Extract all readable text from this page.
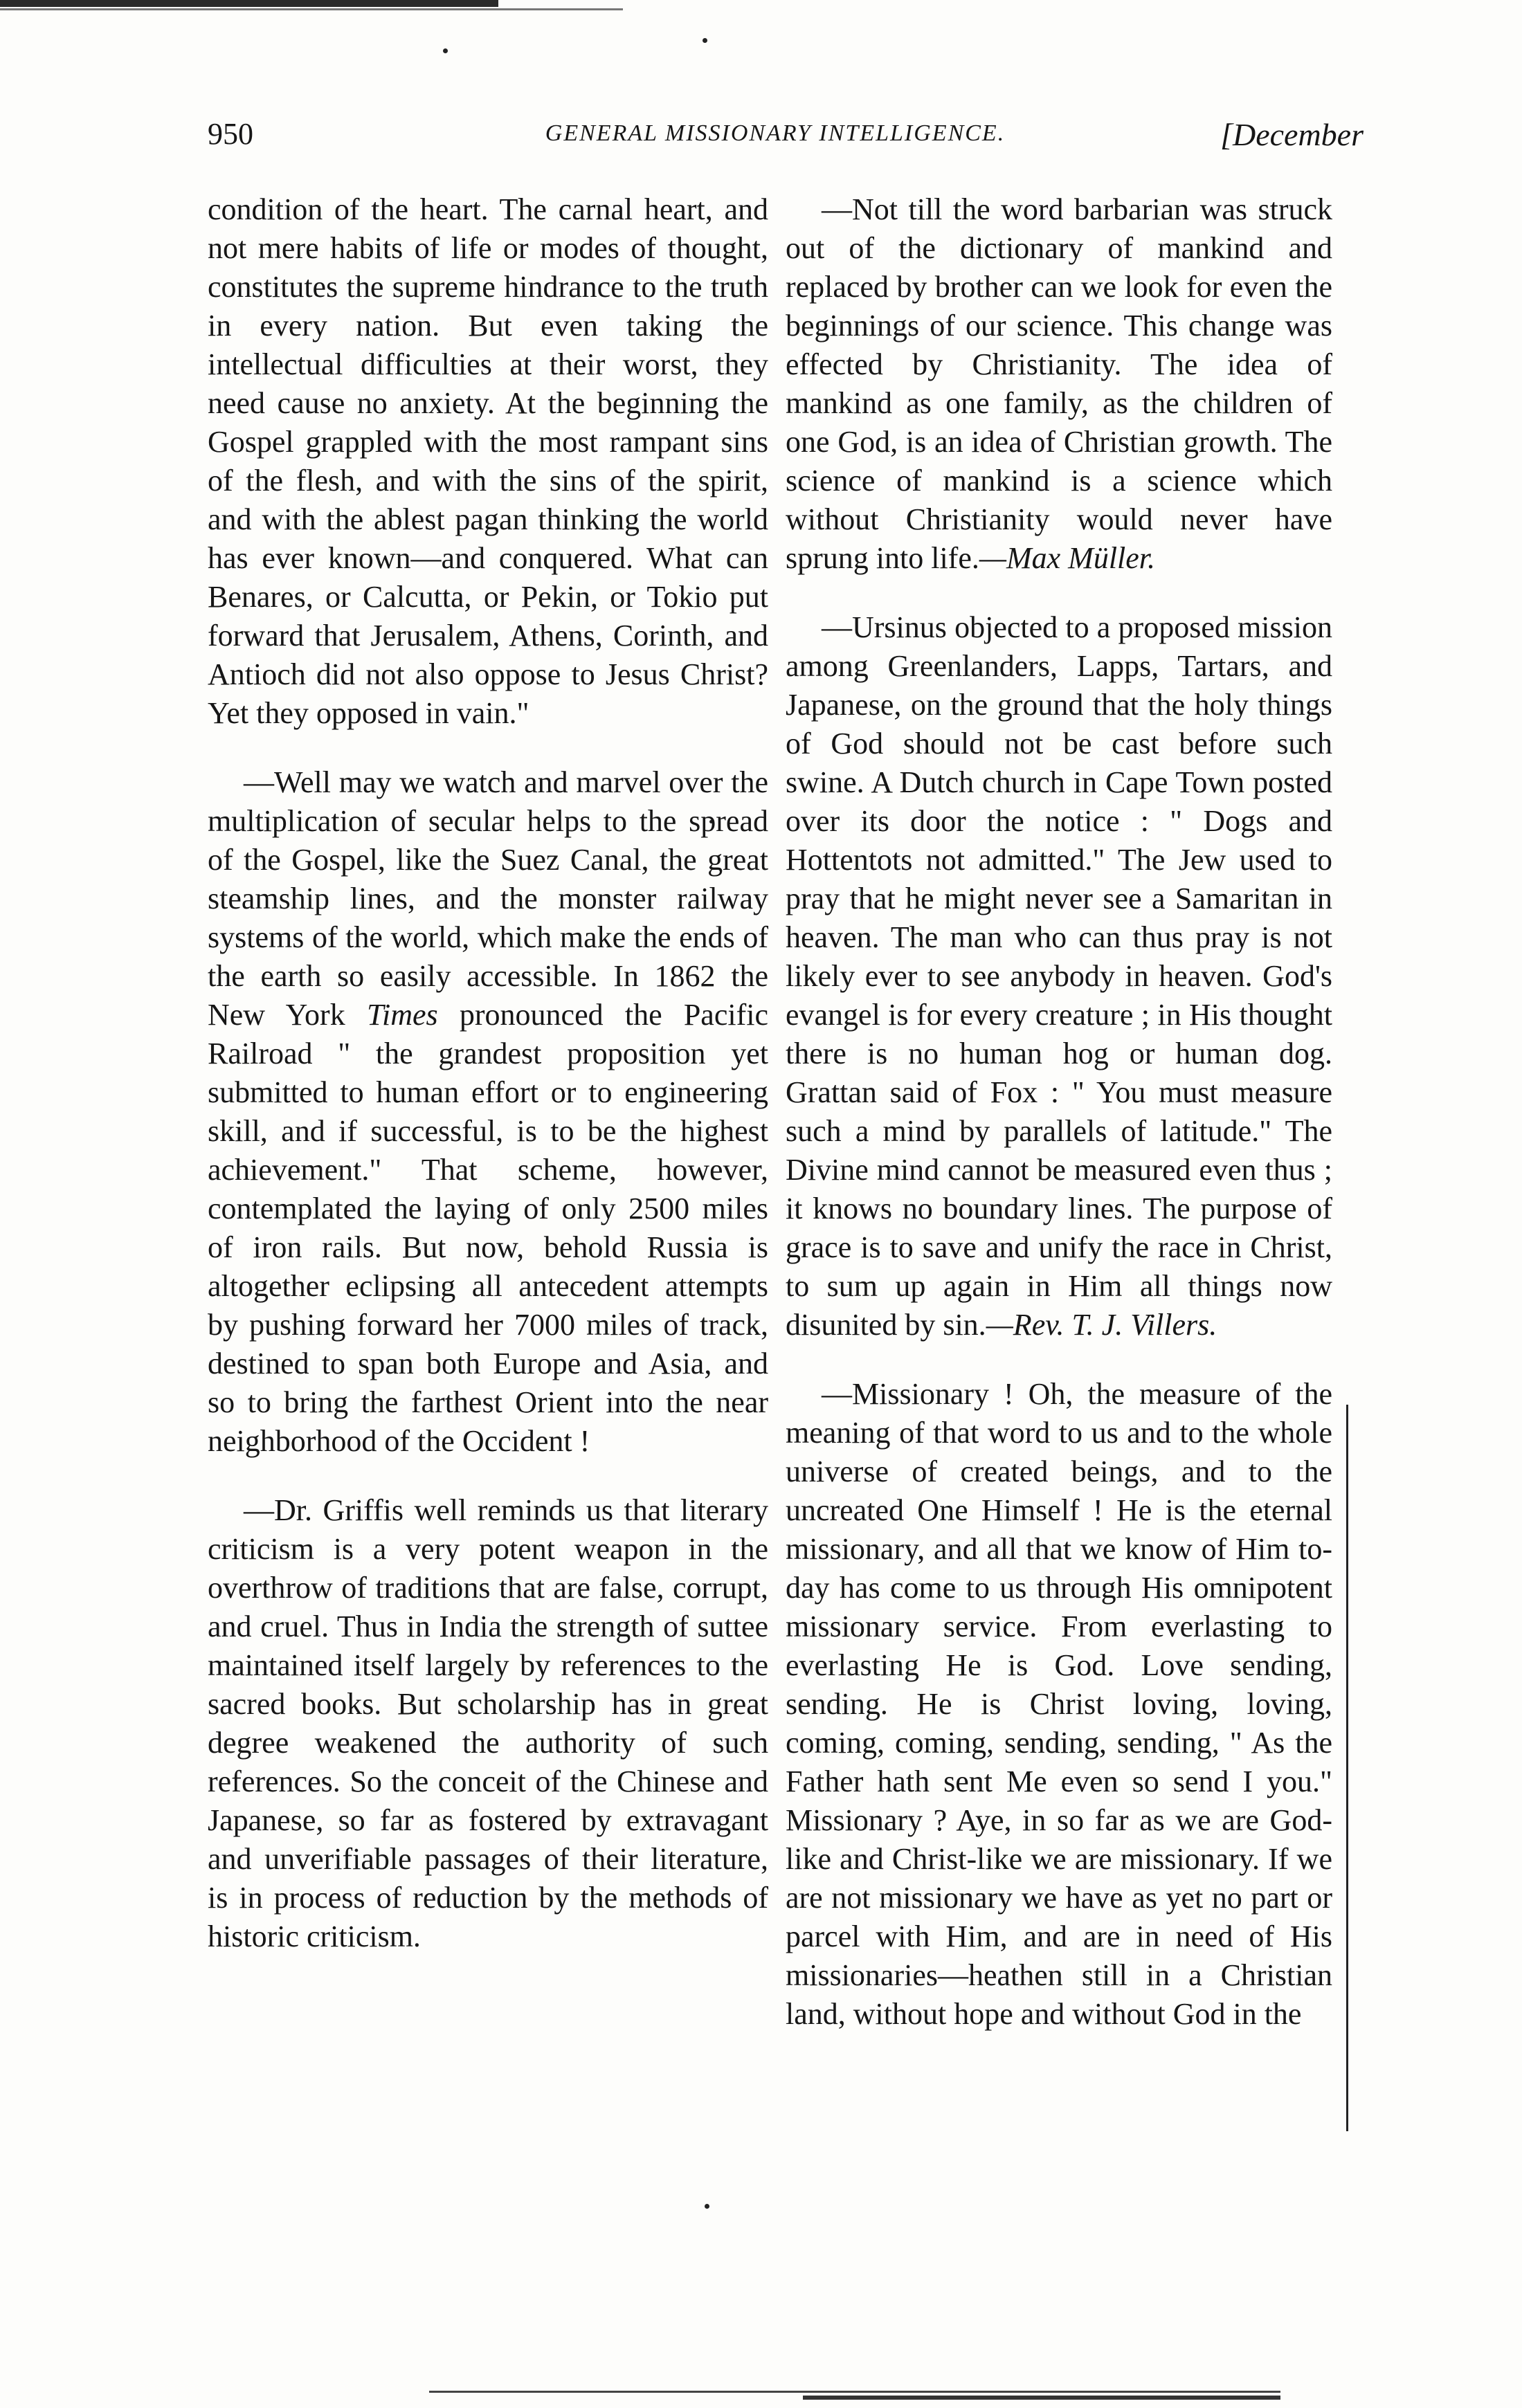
950	GENERAL MISSIONARY INTELLIGENCE.	[December

condition of the heart. The carnal heart, and not mere habits of life or modes of thought, constitutes the supreme hindrance to the truth in every nation. But even taking the intellectual difficulties at their worst, they need cause no anxiety. At the beginning the Gospel grappled with the most rampant sins of the flesh, and with the sins of the spirit, and with the ablest pagan thinking the world has ever known—and conquered. What can Benares, or Calcutta, or Pekin, or Tokio put forward that Jerusalem, Athens, Corinth, and Antioch did not also oppose to Jesus Christ? Yet they opposed in vain."

—Well may we watch and marvel over the multiplication of secular helps to the spread of the Gospel, like the Suez Canal, the great steamship lines, and the monster railway systems of the world, which make the ends of the earth so easily accessible. In 1862 the New York Times pronounced the Pacific Railroad " the grandest proposition yet submitted to human effort or to engineering skill, and if successful, is to be the highest achievement." That scheme, however, contemplated the laying of only 2500 miles of iron rails. But now, behold Russia is altogether eclipsing all antecedent attempts by pushing forward her 7000 miles of track, destined to span both Europe and Asia, and so to bring the farthest Orient into the near neighborhood of the Occident !

—Dr. Griffis well reminds us that literary criticism is a very potent weapon in the overthrow of traditions that are false, corrupt, and cruel. Thus in India the strength of suttee maintained itself largely by references to the sacred books. But scholarship has in great degree weakened the authority of such references. So the conceit of the Chinese and Japanese, so far as fostered by extravagant and unverifiable passages of their literature, is in process of reduction by the methods of historic criticism.

—Not till the word barbarian was struck out of the dictionary of mankind and replaced by brother can we look for even the beginnings of our science. This change was effected by Christianity. The idea of mankind as one family, as the children of one God, is an idea of Christian growth. The science of mankind is a science which without Christianity would never have sprung into life.—Max Müller.

—Ursinus objected to a proposed mission among Greenlanders, Lapps, Tartars, and Japanese, on the ground that the holy things of God should not be cast before such swine. A Dutch church in Cape Town posted over its door the notice : " Dogs and Hottentots not admitted." The Jew used to pray that he might never see a Samaritan in heaven. The man who can thus pray is not likely ever to see anybody in heaven. God's evangel is for every creature ; in His thought there is no human hog or human dog. Grattan said of Fox : " You must measure such a mind by parallels of latitude." The Divine mind cannot be measured even thus ; it knows no boundary lines. The purpose of grace is to save and unify the race in Christ, to sum up again in Him all things now disunited by sin.—Rev. T. J. Villers.

—Missionary ! Oh, the measure of the meaning of that word to us and to the whole universe of created beings, and to the uncreated One Himself ! He is the eternal missionary, and all that we know of Him to-day has come to us through His omnipotent missionary service. From everlasting to everlasting He is God. Love sending, sending. He is Christ loving, loving, coming, coming, sending, sending, " As the Father hath sent Me even so send I you." Missionary ? Aye, in so far as we are God-like and Christ-like we are missionary. If we are not missionary we have as yet no part or parcel with Him, and are in need of His missionaries—heathen still in a Christian land, without hope and without God in the
